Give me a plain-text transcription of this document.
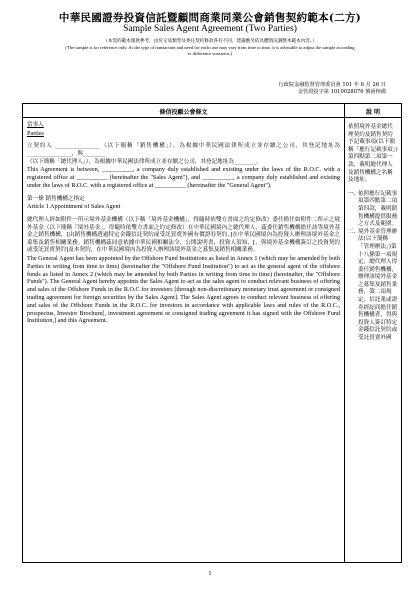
中華民國證券投資信託暨顧問商業同業公會銷售契約範本(二方)
Sample Sales Agent Agreement (Two Parties)
（本契約範本僅供參考，由於交易類型及委任契約條款各有不同，建議應另依具體情況調整本範本內容。）
(The sample is for reference only. As the type of transaction and need for each case may vary from time to time, it is advisable to adjust the sample according
to difference scenarios.)
行政院金融監督管理委員會 101 年 6 月 26 日
金管證投字第 1010028076 號函核備
條信投顧公會條文	說 明

當事人

Parties

立契約人 ________________（以下簡稱「銷售機構」），為根據中華民國法律所成立並存續之公司，其登記地址為________________，與________

（以下簡稱「總代理人」），為根據中華民國法律所成立並存續之公司，其登記地址為________。

This Agreement is between, __________, a company duly established and existing under the laws of the R.O.C. with a registered office at __________ (hereinafter the "Sales Agent"), and __________, a company duly established and existing under the laws of R.O.C. with a registered office at __________ (hereinafter the "General Agent").

第一條 銷售機構之指定

Article 1 Appointment of Sales Agent

總代理人經如附件一所示境外基金機構（以下稱「境外基金機構」，得隨時依雙方書面之約定修改）委任擔任如附件二所示之境外基金（以下簡稱「境外基金」，得隨時依雙方書面之約定修改）在中華民國境內之總代理人，茲委任銷售機構擔任該等境外基金之銷售機構，[由銷售機構透過特定金錢信託契約或受託買賣外國有價證券契約，]在中華民國境內為投資人辦理該境外基金之募集及銷售相關業務。銷售機構茲同意依據中華民國相關法令、公開說明書、投資人須知、[、與境外基金機構簽訂之投資契約或受託買賣契約]及本契約，在中華民國境內為投資人辦理該境外基金之募集及銷售相關業務。

The General Agent has been appointed by the Offshore Fund Institutions as listed in Annex 1 (which may be amended by both Parties in writing from time to time) (hereinafter the "Offshore Fund Institution") to act as the general agent of the offshore funds as listed in Annex 2 (which may be amended by both Parties in writing from time to time) (hereinafter, the "Offshore Funds"). The General Agent hereby appoints the Sales Agent to act as the sales agent to conduct relevant business of offering and sales of the Offshore Funds in the R.O.C for investors [through non-discretionary monetary trust agreement or consigned trading agreement for foreign securities by the Sales Agent]. The Sales Agent agrees to conduct relevant business of offering and sales of the Offshore Funds in the R.O.C. for investors in accordance with applicable laws and rules of the R.O.C., prospectus, Investor Brochure[, investment agreement or consigned trading agreement it has signed with the Offshore Fund Institution,] and this Agreement.

依照境外基金總代理契約及銷售契約予記載事項(以下簡稱「應行記載事項」)第四點第二項第一款，載明總代理人及銷售機構之名稱及地址。

一、
依照應行記載事項第四點第二項第四款，載明銷售機構提供服務之方式及範圍。
二、
境外基金管理辦法(以下簡稱「管理辦法」)第十八條第一項規定，總代理人得委任銷售機構，辦理該境外基金之募集及銷售業務，第二項規定，信託業或證券經紀商擔任銷售機構者，得與投資人簽訂特定金錢信託契約或受託買賣外國
1
